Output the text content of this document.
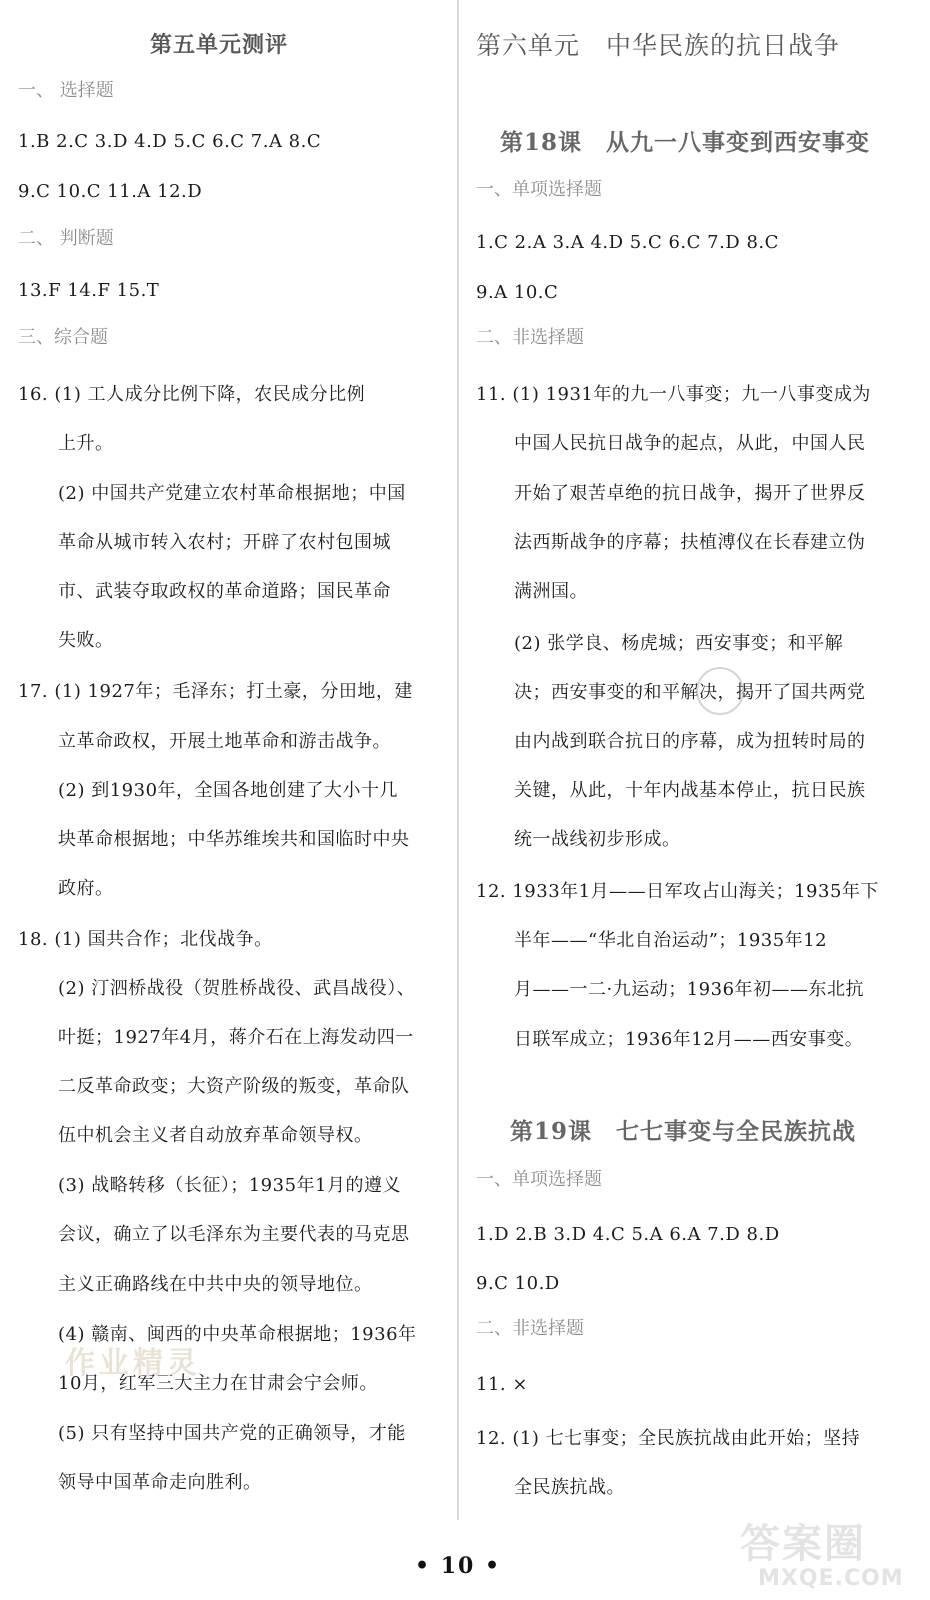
第五单元测评
一、 选择题
1.B 2.C 3.D 4.D 5.C 6.C 7.A 8.C
9.C 10.C 11.A 12.D
二、 判断题
13.F 14.F 15.T
三、综合题
16. (1) 工人成分比例下降，农民成分比例
上升。
(2) 中国共产党建立农村革命根据地；中国
革命从城市转入农村；开辟了农村包围城
市、武装夺取政权的革命道路；国民革命
失败。
17. (1) 1927年；毛泽东；打土豪，分田地，建
立革命政权，开展土地革命和游击战争。
(2) 到1930年，全国各地创建了大小十几
块革命根据地；中华苏维埃共和国临时中央
政府。
18. (1) 国共合作；北伐战争。
(2) 汀泗桥战役（贺胜桥战役、武昌战役）、
叶挺；1927年4月，蒋介石在上海发动四一
二反革命政变；大资产阶级的叛变，革命队
伍中机会主义者自动放弃革命领导权。
(3) 战略转移（长征）；1935年1月的遵义
会议，确立了以毛泽东为主要代表的马克思
主义正确路线在中共中央的领导地位。
(4) 赣南、闽西的中央革命根据地；1936年
10月，红军三大主力在甘肃会宁会师。
(5) 只有坚持中国共产党的正确领导，才能
领导中国革命走向胜利。
作业精灵
第六单元　中华民族的抗日战争
第18课　从九一八事变到西安事变
一、单项选择题
1.C 2.A 3.A 4.D 5.C 6.C 7.D 8.C
9.A 10.C
二、非选择题
11. (1) 1931年的九一八事变；九一八事变成为
中国人民抗日战争的起点，从此，中国人民
开始了艰苦卓绝的抗日战争，揭开了世界反
法西斯战争的序幕；扶植溥仪在长春建立伪
满洲国。
(2) 张学良、杨虎城；西安事变；和平解
决；西安事变的和平解决，揭开了国共两党
由内战到联合抗日的序幕，成为扭转时局的
关键，从此，十年内战基本停止，抗日民族
统一战线初步形成。
12. 1933年1月——日军攻占山海关；1935年下
半年——“华北自治运动”；1935年12
月——一二·九运动；1936年初——东北抗
日联军成立；1936年12月——西安事变。
第19课　七七事变与全民族抗战
一、单项选择题
1.D 2.B 3.D 4.C 5.A 6.A 7.D 8.D
9.C 10.D
二、非选择题
11. ×
12. (1) 七七事变；全民族抗战由此开始；坚持
全民族抗战。
• 10 •	答案圈
MXQE.COM
